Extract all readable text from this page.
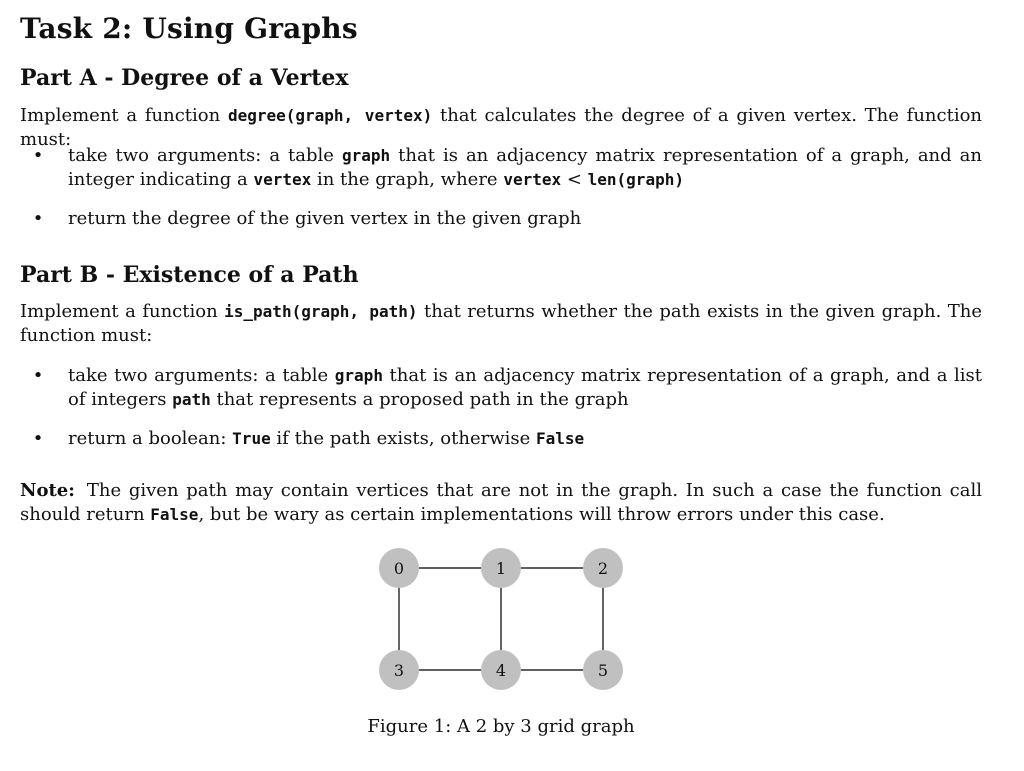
Task 2: Using Graphs
Part A - Degree of a Vertex

Implement a function degree(graph, vertex) that calculates the degree of a given vertex. The function must:

• take two arguments: a table graph that is an adjacency matrix representation of a graph, and an integer indicating a vertex in the graph, where vertex < len(graph)
• return the degree of the given vertex in the given graph
Part B - Existence of a Path

Implement a function is_path(graph, path) that returns whether the path exists in the given graph. The function must:

• take two arguments: a table graph that is an adjacency matrix representation of a graph, and a list of integers path that represents a proposed path in the graph
• return a boolean: True if the path exists, otherwise False

Note: The given path may contain vertices that are not in the graph. In such a case the function call should return False, but be wary as certain implementations will throw errors under this case.

0	1	2
3	4	5
Figure 1: A 2 by 3 grid graph
